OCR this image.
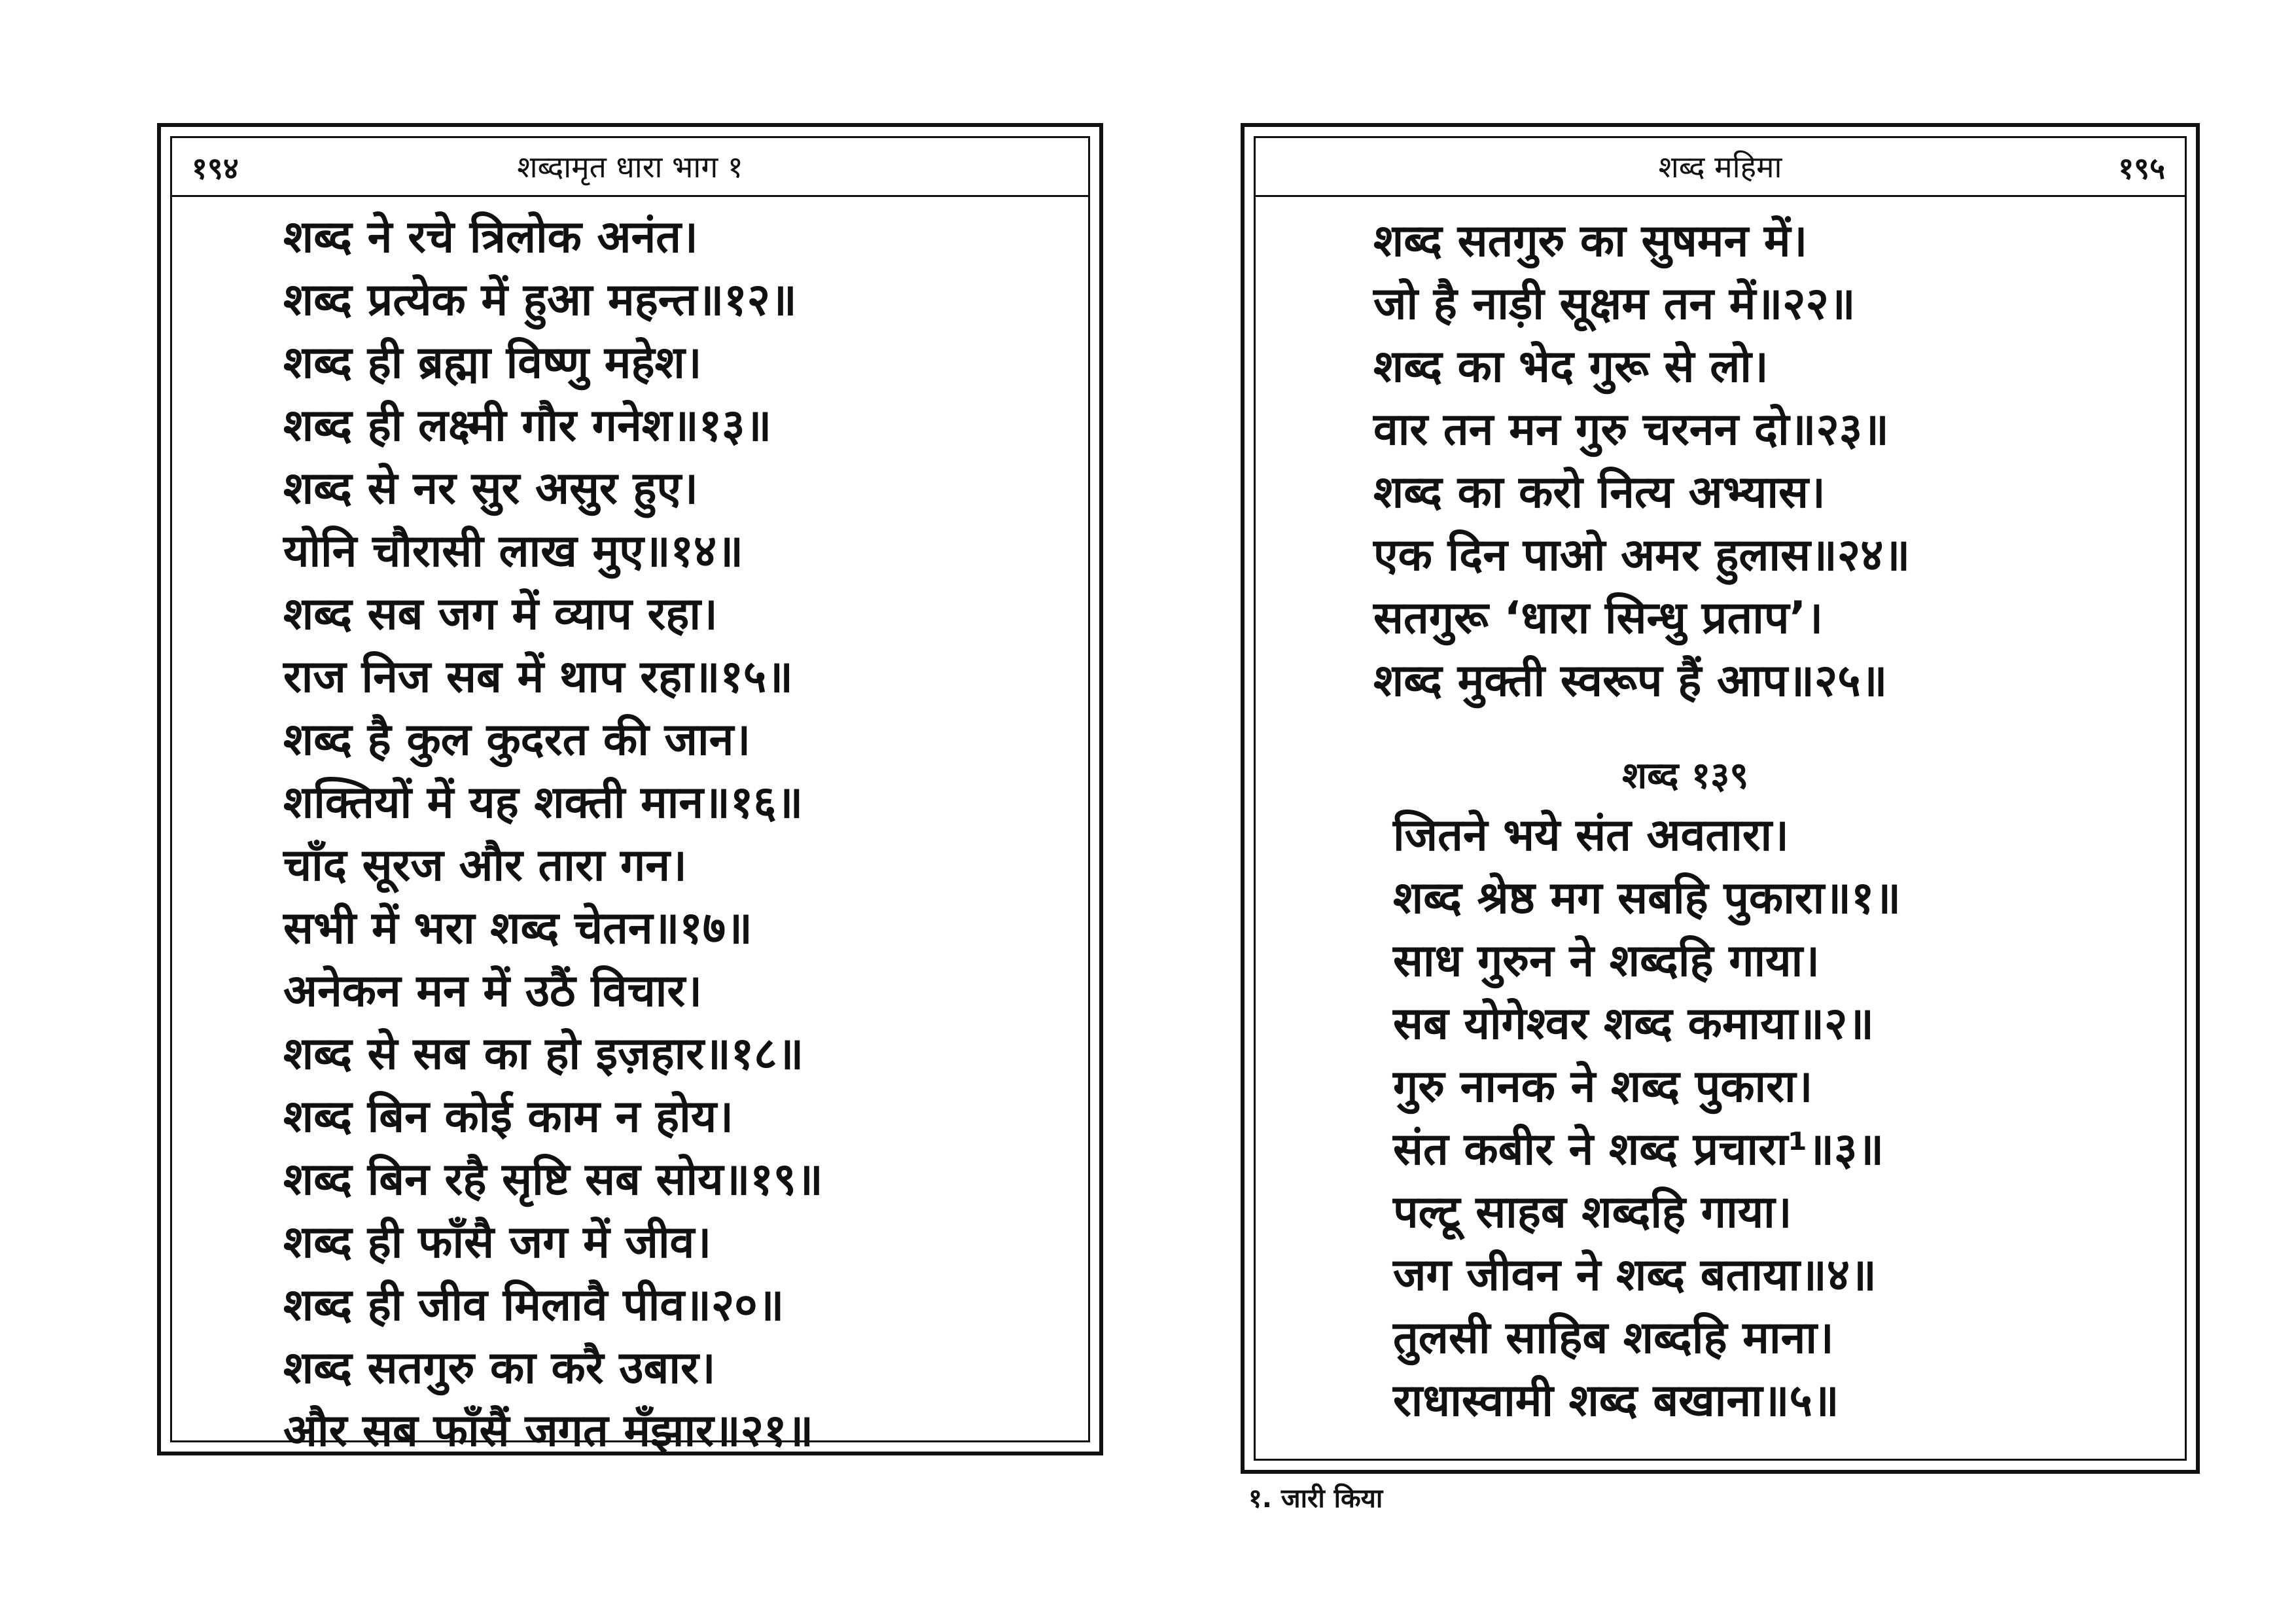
१९४	शब्दामृत धारा भाग १
शब्द ने रचे त्रिलोक अनंत।
शब्द प्रत्येक में हुआ महन्त॥१२॥
शब्द ही ब्रह्मा विष्णु महेश।
शब्द ही लक्ष्मी गौर गनेश॥१३॥
शब्द से नर सुर असुर हुए।
योनि चौरासी लाख मुए॥१४॥
शब्द सब जग में व्याप रहा।
राज निज सब में थाप रहा॥१५॥
शब्द है कुल कुदरत की जान।
शक्तियों में यह शक्ती मान॥१६॥
चाँद सूरज और तारा गन।
सभी में भरा शब्द चेतन॥१७॥
अनेकन मन में उठैं विचार।
शब्द से सब का हो इज़हार॥१८॥
शब्द बिन कोई काम न होय।
शब्द बिन रहै सृष्टि सब सोय॥१९॥
शब्द ही फाँसै जग में जीव।
शब्द ही जीव मिलावै पीव॥२०॥
शब्द सतगुरु का करै उबार।
और सब फाँसैं जगत मँझार॥२१॥
शब्द महिमा	१९५
शब्द सतगुरु का सुषमन में।
जो है नाड़ी सूक्षम तन में॥२२॥
शब्द का भेद गुरू से लो।
वार तन मन गुरु चरनन दो॥२३॥
शब्द का करो नित्य अभ्यास।
एक दिन पाओ अमर हुलास॥२४॥
सतगुरू ‘धारा सिन्धु प्रताप’।
शब्द मुक्ती स्वरूप हैं आप॥२५॥
शब्द १३९
जितने भये संत अवतारा।
शब्द श्रेष्ठ मग सबहि पुकारा॥१॥
साध गुरुन ने शब्दहि गाया।
सब योगेश्वर शब्द कमाया॥२॥
गुरु नानक ने शब्द पुकारा।
संत कबीर ने शब्द प्रचारा¹॥३॥
पल्टू साहब शब्दहि गाया।
जग जीवन ने शब्द बताया॥४॥
तुलसी साहिब शब्दहि माना।
राधास्वामी शब्द बखाना॥५॥
१. जारी किया
